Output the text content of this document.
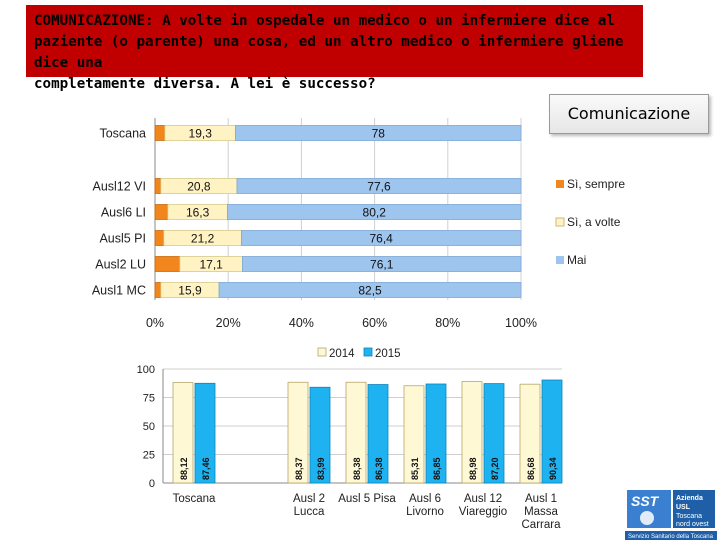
COMUNICAZIONE: A volte in ospedale un medico o un infermiere dice al
paziente (o parente) una cosa, ed un altro medico o infermiere gliene dice una
completamente diversa. A lei è successo?
Comunicazione
0%	20%	40%	60%	80%	100%
Toscana	19,3	78
Ausl12 VI	20,8	77,6
Ausl6 LI	16,3	80,2
Ausl5 PI	21,2	76,4
Ausl2 LU	17,1	76,1
Ausl1 MC	15,9	82,5
Sì, sempre
Sì, a volte
Mai
0
25
50
75
100
88,12 87,46
Toscana
88,37 83,99
Ausl 2
Lucca
88,38 86,38
Ausl 5 Pisa
85,31 86,85
Ausl 6
Livorno
88,98 87,20
Ausl 12
Viareggio
86,68 90,34
Ausl 1
Massa
Carrara
2014 2015
SST	Azienda
USL
Toscana
nord ovest
Servizio Sanitario della Toscana
